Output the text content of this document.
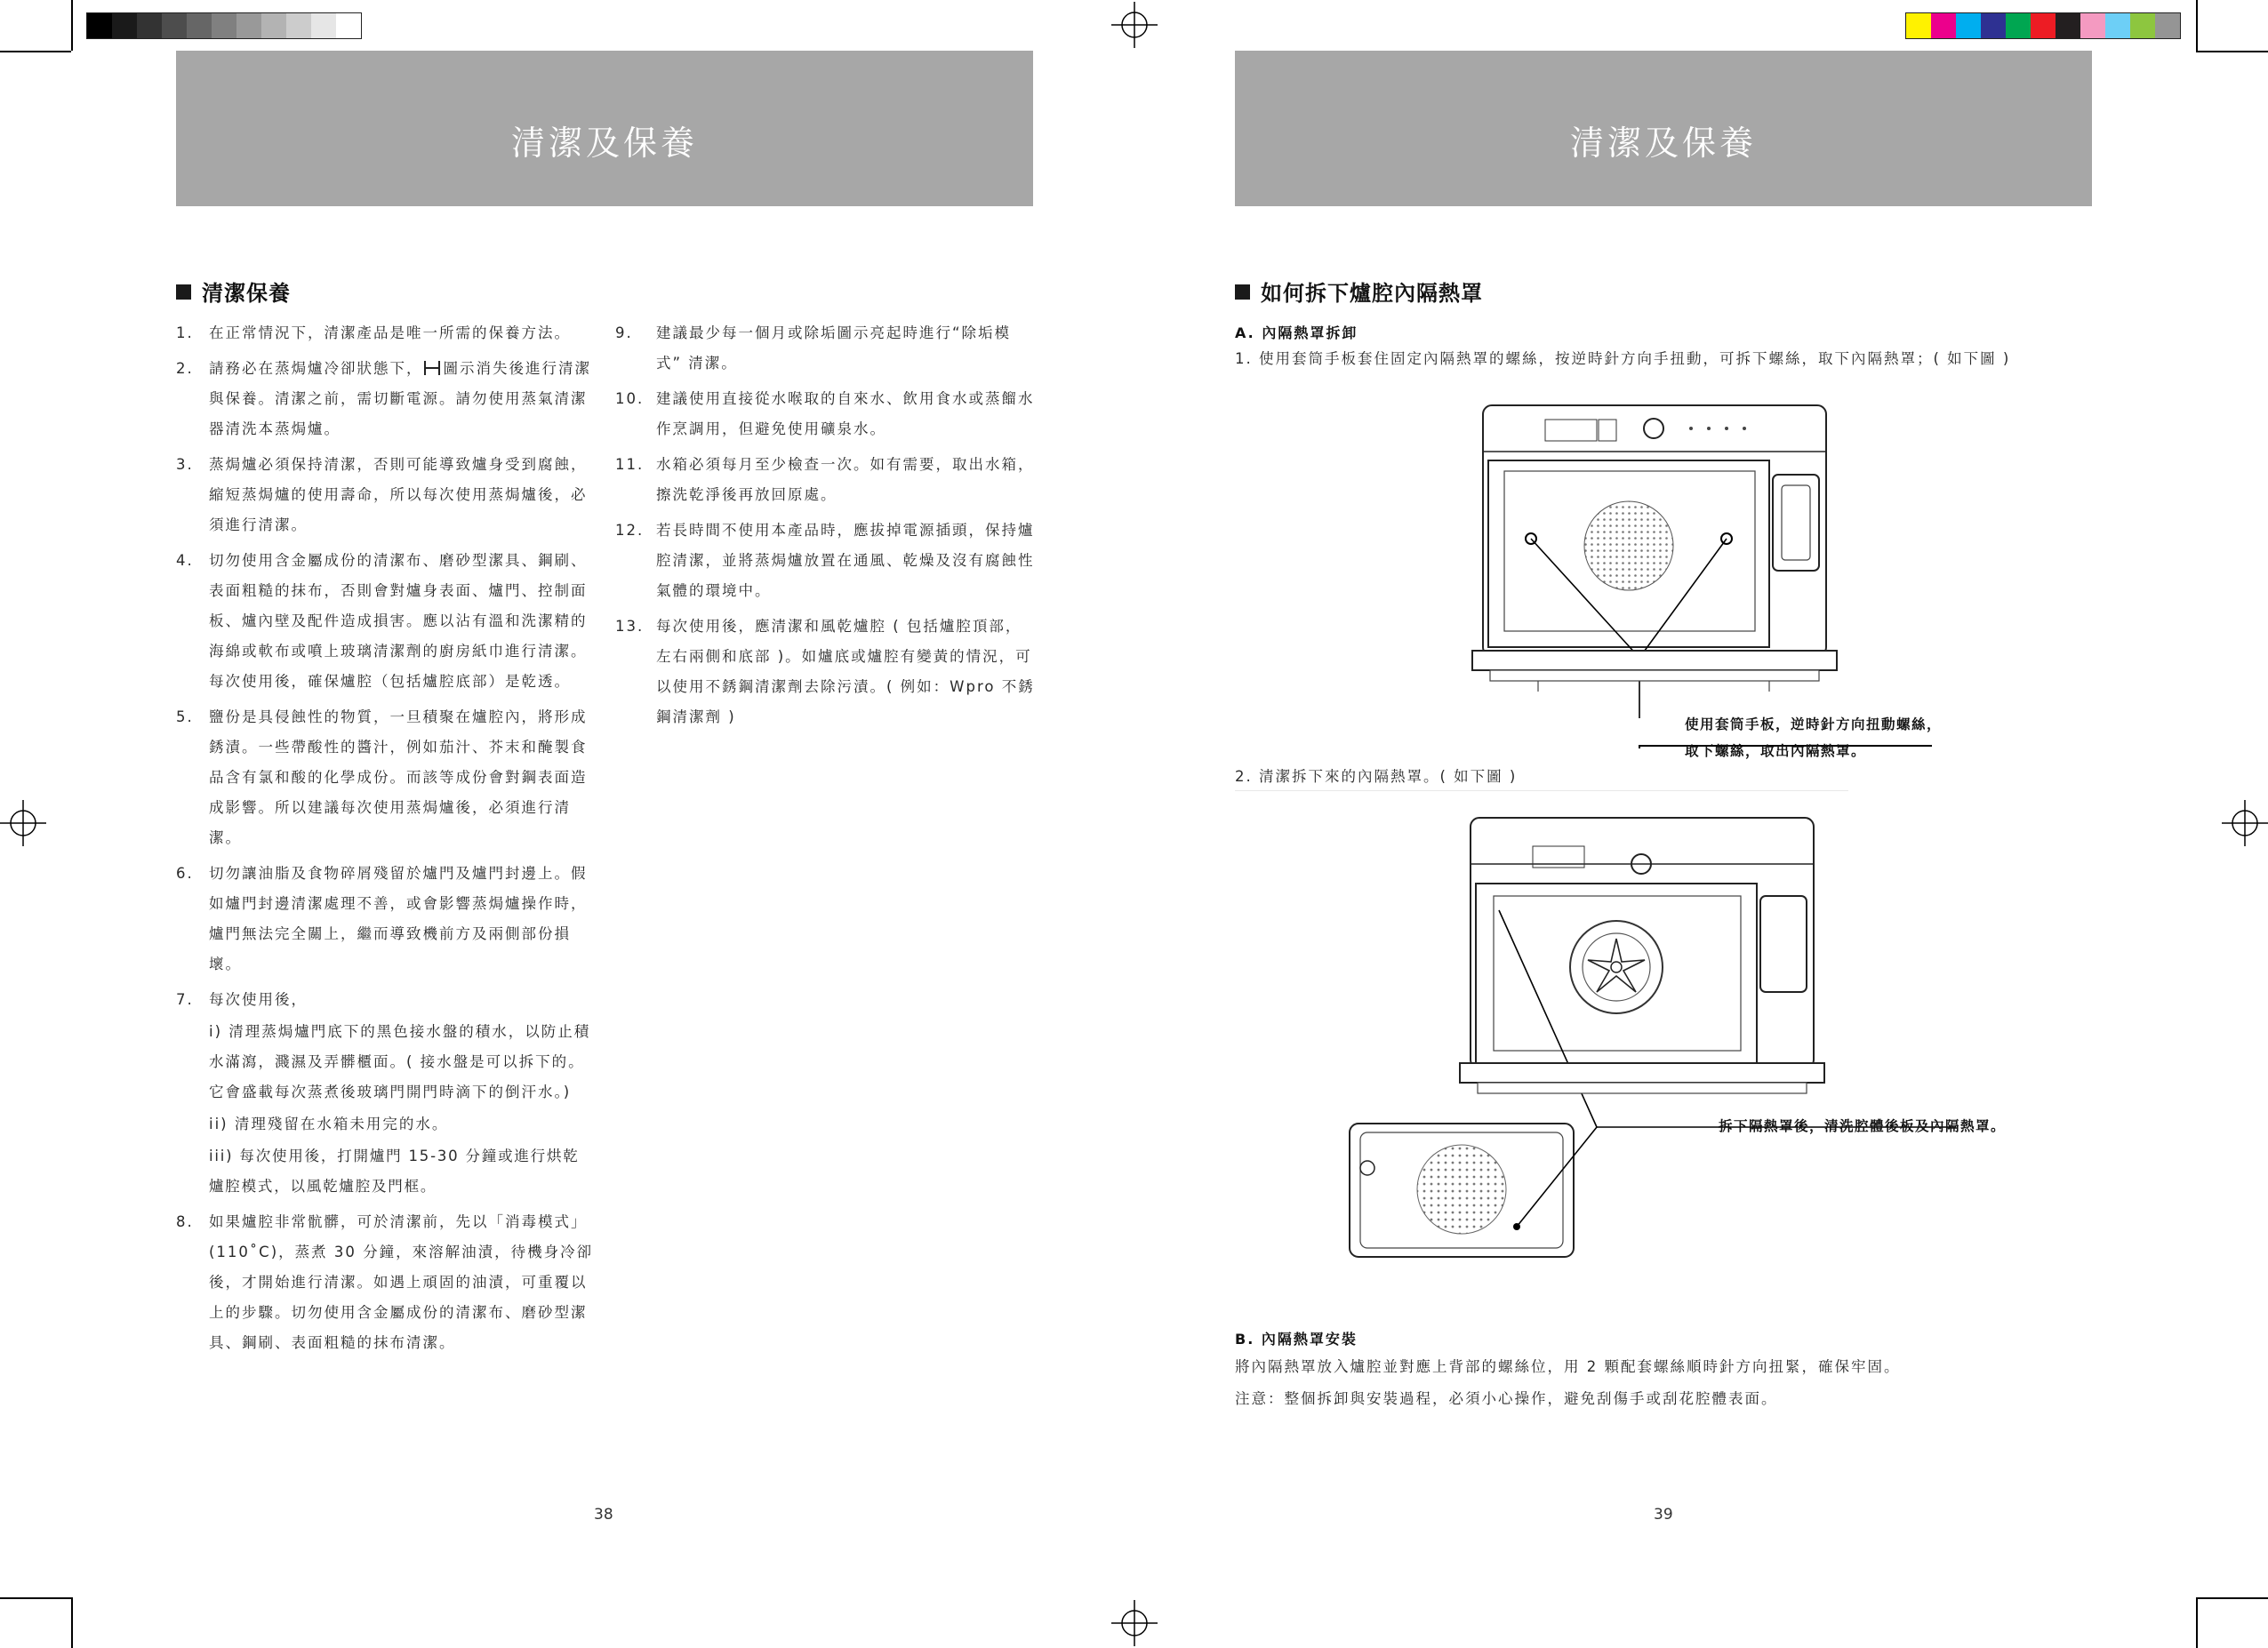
清潔及保養
清潔保養
1. 在正常情況下，清潔產品是唯一所需的保養方法。
2. 請務必在蒸焗爐冷卻狀態下， 圖示消失後進行清潔與保養。清潔之前，需切斷電源。請勿使用蒸氣清潔器清洗本蒸焗爐。
3. 蒸焗爐必須保持清潔，否則可能導致爐身受到腐蝕，縮短蒸焗爐的使用壽命，所以每次使用蒸焗爐後，必須進行清潔。
4. 切勿使用含金屬成份的清潔布、磨砂型潔具、鋼刷、表面粗糙的抹布，否則會對爐身表面、爐門、控制面板、爐內壁及配件造成損害。應以沾有溫和洗潔精的海綿或軟布或噴上玻璃清潔劑的廚房紙巾進行清潔。每次使用後，確保爐腔（包括爐腔底部）是乾透。
5. 鹽份是具侵蝕性的物質，一旦積聚在爐腔內，將形成銹漬。一些帶酸性的醬汁，例如茄汁、芥末和醃製食品含有氯和酸的化學成份。而該等成份會對鋼表面造成影響。所以建議每次使用蒸焗爐後，必須進行清潔。
6. 切勿讓油脂及食物碎屑殘留於爐門及爐門封邊上。假如爐門封邊清潔處理不善，或會影響蒸焗爐操作時，爐門無法完全關上，繼而導致機前方及兩側部份損壞。
7. 每次使用後，
i) 清理蒸焗爐門底下的黑色接水盤的積水，以防止積水滿瀉，濺濕及弄髒櫃面。( 接水盤是可以拆下的。它會盛載每次蒸煮後玻璃門開門時滴下的倒汗水。)
ii) 清理殘留在水箱未用完的水。
iii) 每次使用後，打開爐門 15-30 分鐘或進行烘乾爐腔模式，以風乾爐腔及門框。
8. 如果爐腔非常骯髒，可於清潔前，先以「消毒模式」(110˚C)，蒸煮 30 分鐘，來溶解油漬，待機身冷卻後，才開始進行清潔。如遇上頑固的油漬，可重覆以上的步驟。切勿使用含金屬成份的清潔布、磨砂型潔具、鋼刷、表面粗糙的抹布清潔。
9. 建議最少每一個月或除垢圖示亮起時進行“除垢模式” 清潔。
10. 建議使用直接從水喉取的自來水、飲用食水或蒸餾水作烹調用，但避免使用礦泉水。
11. 水箱必須每月至少檢查一次。如有需要，取出水箱，擦洗乾淨後再放回原處。
12. 若長時間不使用本產品時，應拔掉電源插頭，保持爐腔清潔，並將蒸焗爐放置在通風、乾燥及沒有腐蝕性氣體的環境中。
13. 每次使用後，應清潔和風乾爐腔 ( 包括爐腔頂部，左右兩側和底部 )。如爐底或爐腔有變黃的情況，可以使用不銹鋼清潔劑去除污漬。( 例如：Wpro 不銹鋼清潔劑 )
38
清潔及保養
如何拆下爐腔內隔熱罩
A. 內隔熱罩拆卸
1. 使用套筒手板套住固定內隔熱罩的螺絲，按逆時針方向手扭動，可拆下螺絲，取下內隔熱罩；( 如下圖 )
使用套筒手板，逆時針方向扭動螺絲，
取下螺絲，取出內隔熱罩。
2. 清潔拆下來的內隔熱罩。( 如下圖 )
拆下隔熱罩後，清洗腔體後板及內隔熱罩。
B. 內隔熱罩安裝
將內隔熱罩放入爐腔並對應上背部的螺絲位，用 2 顆配套螺絲順時針方向扭緊，確保牢固。
注意：整個拆卸與安裝過程，必須小心操作，避免刮傷手或刮花腔體表面。
39
